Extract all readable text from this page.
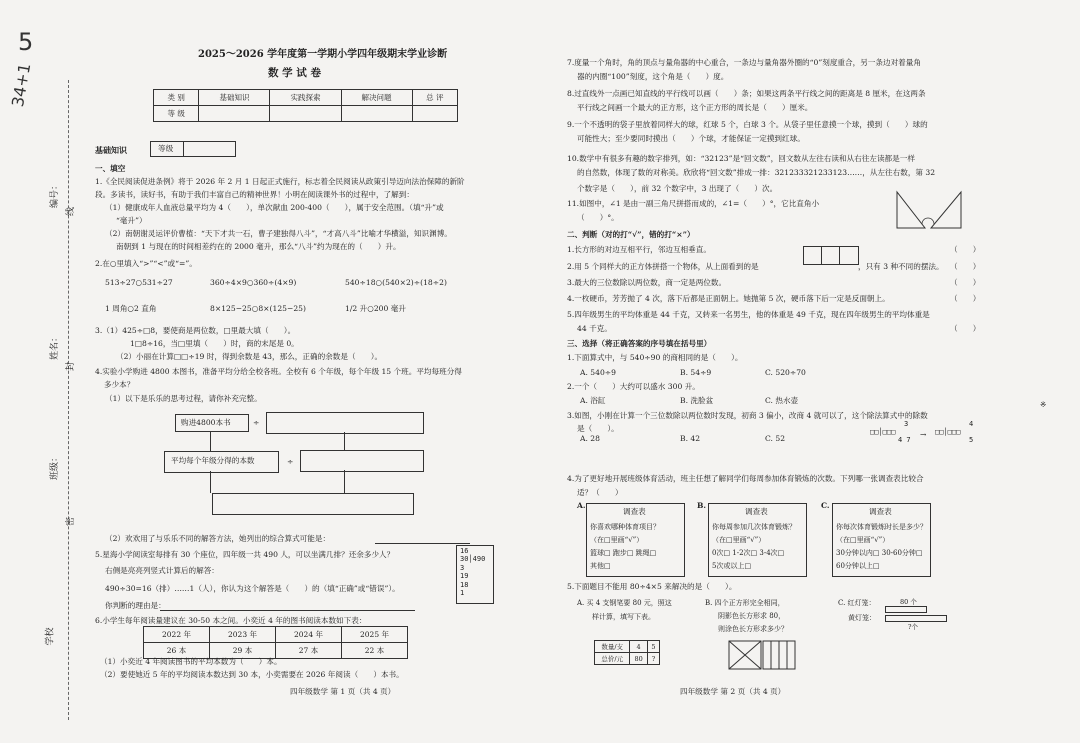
5
34+1
编号：
线
姓名：
封
班级：
密
学校
2025～2026 学年度第一学期小学四年级期末学业诊断
数 学 试 卷
类 别	基础知识	实践探索	解决问题	总 评
等 级				
基础知识	等级
一、填空
1.《全民阅读促进条例》将于 2026 年 2 月 1 日起正式施行，标志着全民阅读从政策引导迈向法治保障的新阶
段。多读书，读好书，有助于我们丰富自己的精神世界！小明在阅读课外书的过程中，了解到：
（1）健康成年人血液总量平均为 4（　　），单次献血 200-400（　　），属于安全范围。（填“升”或
“毫升”）
（2）南朝谢灵运评价曹植：“天下才共一石，曹子建独得八斗”，“才高八斗”比喻才华横溢，知识渊博。
南朝到 1 与现在的时间相差约在的 2000 毫升，那么“八斗”约为现在的（　　）升。
2.在○里填入“>”“<”或“=”。
513÷27○531÷27	360÷4×9○360÷(4×9)	540÷18○(540×2)÷(18÷2)
1 周角○2 直角	8×125−25○8×(125−25)	1/2 升○200 毫升
3.（1）425÷□8，要使商是两位数，□里最大填（　　）。
1□8÷16，当□里填（　　）时，商的末尾是 0。
（2）小丽在计算□□÷19 时，得到余数是 43，那么，正确的余数是（　　）。
4.实验小学购进 4800 本图书，准备平均分给全校各班。全校有 6 个年级，每个年级 15 个班。平均每班分得
多少本？
（1）以下是乐乐的思考过程，请你补充完整。
购进4800本书	÷
平均每个年级分得的本数	÷
（2）欢欢用了与乐乐不同的解答方法，她列出的综合算式可能是：
5.星海小学阅读室每排有 30 个座位，四年级一共 490 人，可以坐满几排？还余多少人？
右侧是亮亮列竖式计算后的解答：
490÷30=16（排）……1（人），你认为这个解答是（　　）的（填“正确”或“错误”）。
你判断的理由是：
16
30│490
3
19
18
1
6.小学生每年阅读量建议在 30-50 本之间。小奕近 4 年的图书阅读本数如下表：
2022 年	2023 年	2024 年	2025 年
26 本	29 本	27 本	22 本
（1）小奕近 4 年阅读图书的平均本数为（　　）本。
（2）要使她近 5 年的平均阅读本数达到 30 本，小奕需要在 2026 年阅读（　　）本书。
四年级数学 第 1 页（共 4 页）
7.度量一个角时，角的顶点与量角器的中心重合，一条边与量角器外圈的“0”刻度重合，另一条边对着量角
器的内圈“100”刻度，这个角是（　　）度。
8.过直线外一点画已知直线的平行线可以画（　　）条；如果这两条平行线之间的距离是 8 厘米，在这两条
平行线之间画一个最大的正方形，这个正方形的周长是（　　）厘米。
9.一个不透明的袋子里放着同样大的球，红球 5 个，白球 3 个。从袋子里任意摸一个球，摸到（　　）球的
可能性大；至少要同时摸出（　　）个球，才能保证一定摸到红球。
10.数学中有很多有趣的数字排列，如：“32123”是“回文数”，回文数从左往右读和从右往左读都是一样
的自然数，体现了数的对称美。欣欣将“回文数”排成一排：321233321233123……，从左往右数，第 32
个数字是（　　），前 32 个数字中，3 出现了（　　）次。
11.如图中，∠1 是由一副三角尺拼搭而成的，∠1=（　　）°，它比直角小
（　　）°。
二、判断（对的打“√”，错的打“×”）
1.长方形的对边互相平行，邻边互相垂直。	（　　）
2.用 5 个同样大的正方体拼搭一个物体，从上面看到的是	，只有 3 种不同的摆法。 （　　）
3.最大的三位数除以两位数，商一定是两位数。	（　　）
4.一枚硬币，芳芳抛了 4 次，落下后都是正面朝上。她抛第 5 次，硬币落下后一定是反面朝上。	（　　）
5.四年级男生的平均体重是 44 千克，又转来一名男生，他的体重是 49 千克，现在四年级男生的平均体重是
44 千克。	（　　）
三、选择（将正确答案的序号填在括号里）
1.下面算式中，与 540÷90 的商相同的是（　　）。
A. 540÷9	B. 54÷9	C. 520÷70
2.一个（　　）大约可以盛水 300 升。
A. 浴缸	B. 洗脸盆	C. 热水壶
3.如图，小刚在计算一个三位数除以两位数时发现，初商 3 偏小，改商 4 就可以了，这个除法算式中的除数
是（　　）。	3
□□│□□□
4 7
→
4
□□│□□□
5
A. 28	B. 42	C. 52
4.为了更好地开展班级体育活动，班主任想了解同学们每周参加体育锻炼的次数。下列哪一张调查表比较合
适？（　　）
A.
调查表
你喜欢哪种体育项目？
（在□里画“√”）
篮球□ 跑步□ 跳绳□
其他□
B.
调查表
你每周参加几次体育锻炼？
（在□里画“√”）
0次□ 1-2次□ 3-4次□
5次或以上□
C.
调查表
你每次体育锻炼时长是多少？
（在□里画“√”）
30分钟以内□ 30-60分钟□
60分钟以上□
5.下面题目不能用 80÷4×5 来解决的是（　　）。
A. 买 4 支钢笔要 80 元，照这
样计算，填写下表。
数量/支	4	5
总价/元	80	?
B. 四个正方形完全相同，
阴影色长方形求 80，
则涂色长方形求多少？
C. 红灯笼：	80 个
黄灯笼：
?个
※
四年级数学 第 2 页（共 4 页）
